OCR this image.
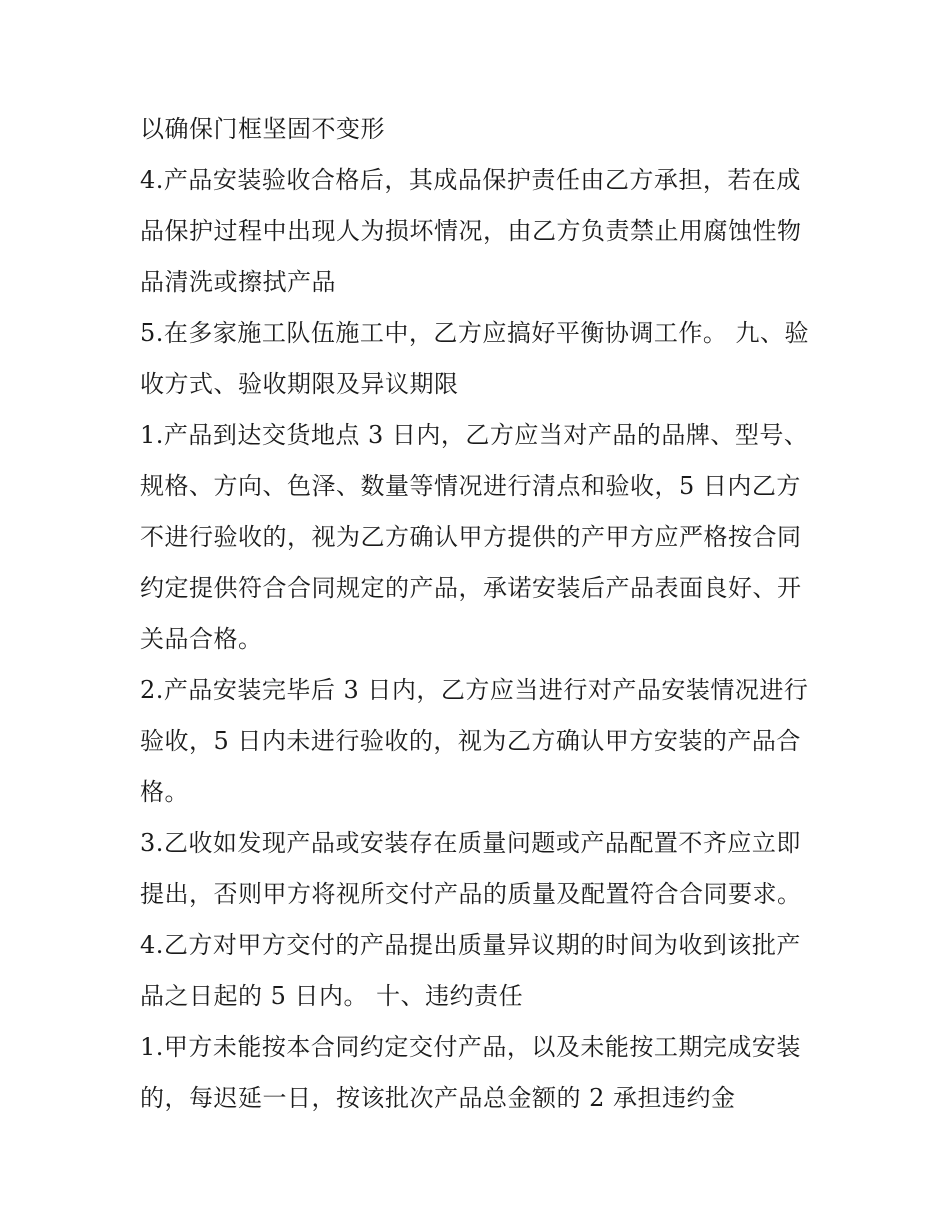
以确保门框坚固不变形
4.产品安装验收合格后，其成品保护责任由乙方承担，若在成
品保护过程中出现人为损坏情况，由乙方负责禁止用腐蚀性物
品清洗或擦拭产品
5.在多家施工队伍施工中，乙方应搞好平衡协调工作。 九、验
收方式、验收期限及异议期限
1.产品到达交货地点 3 日内，乙方应当对产品的品牌、型号、
规格、方向、色泽、数量等情况进行清点和验收，5 日内乙方
不进行验收的，视为乙方确认甲方提供的产甲方应严格按合同
约定提供符合合同规定的产品，承诺安装后产品表面良好、开
关品合格。
2.产品安装完毕后 3 日内，乙方应当进行对产品安装情况进行
验收，5 日内未进行验收的，视为乙方确认甲方安装的产品合
格。
3.乙收如发现产品或安装存在质量问题或产品配置不齐应立即
提出，否则甲方将视所交付产品的质量及配置符合合同要求。
4.乙方对甲方交付的产品提出质量异议期的时间为收到该批产
品之日起的 5 日内。 十、违约责任
1.甲方未能按本合同约定交付产品，以及未能按工期完成安装
的，每迟延一日，按该批次产品总金额的 2 承担违约金
